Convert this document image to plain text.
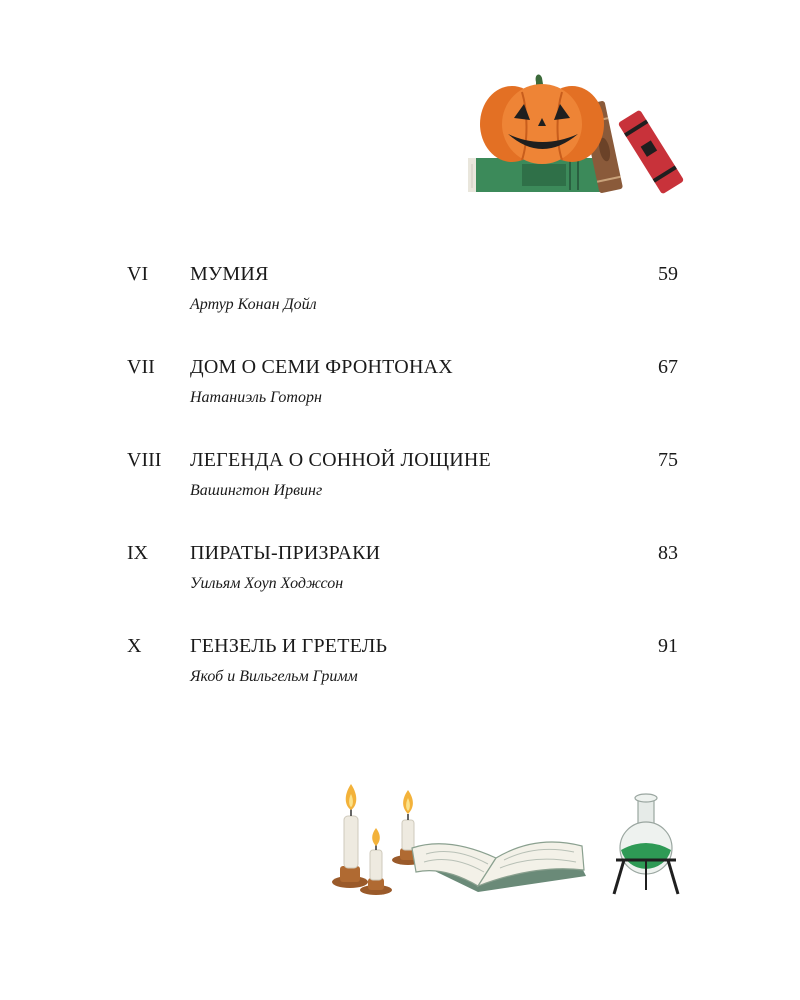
VI МУМИЯ
Артур Конан Дойл
59
VII ДОМ О СЕМИ ФРОНТОНАХ
Натаниэль Готорн
67
VIII ЛЕГЕНДА О СОННОЙ ЛОЩИНЕ
Вашингтон Ирвинг
75
IX ПИРАТЫ-ПРИЗРАКИ
Уильям Хоуп Ходжсон
83
X ГЕНЗЕЛЬ И ГРЕТЕЛЬ
Якоб и Вильгельм Гримм
91
